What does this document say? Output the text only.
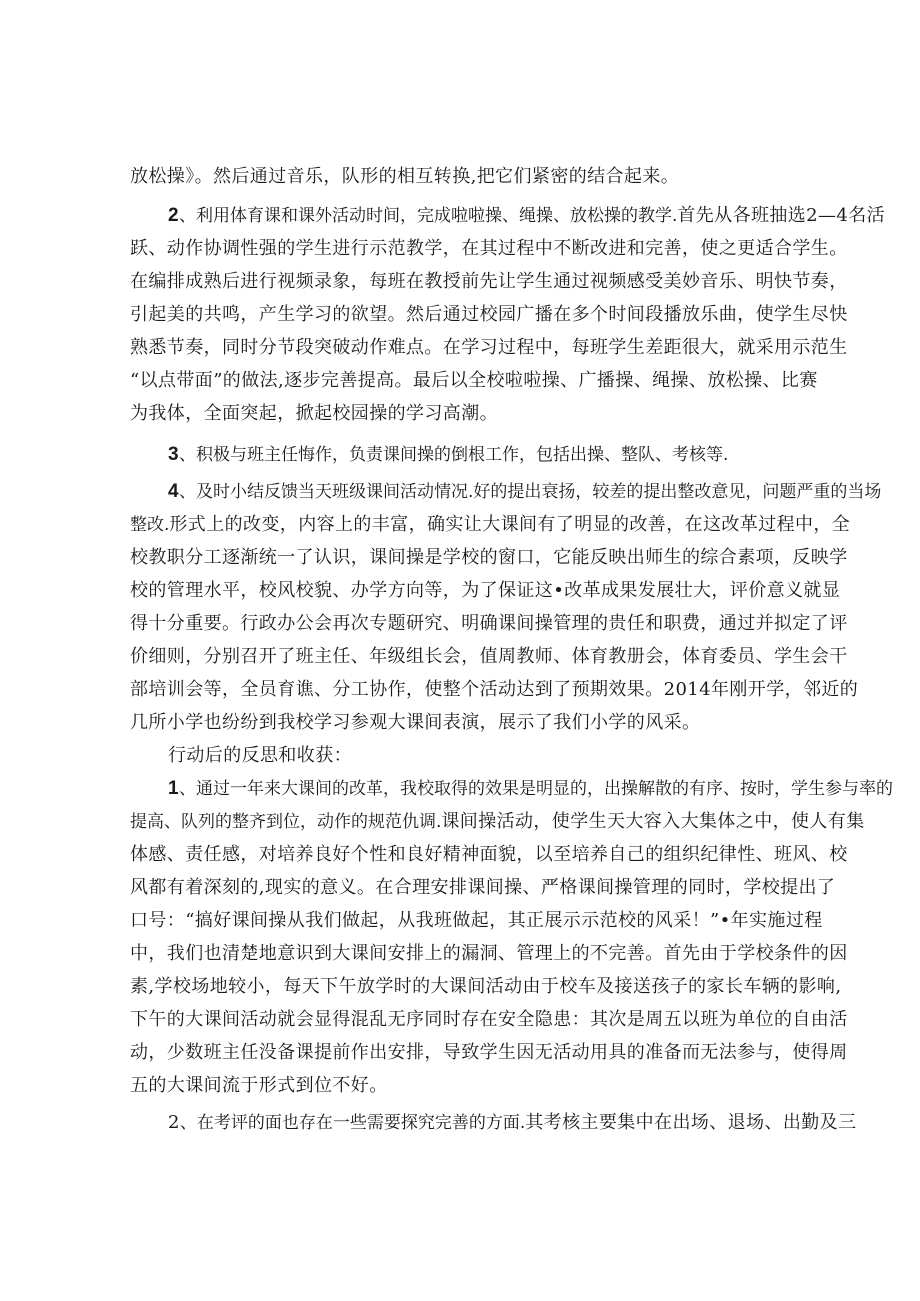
放松操》。然后通过音乐，队形的相互转换,把它们紧密的结合起来。
2、利用体育课和课外活动时间，完成啦啦操、绳操、放松操的教学.首先从各班抽选2—4名活
跃、动作协调性强的学生进行示范教学，在其过程中不断改进和完善，使之更适合学生。
在编排成熟后进行视频录象，每班在教授前先让学生通过视频感受美妙音乐、明快节奏，
引起美的共鸣，产生学习的欲望。然后通过校园广播在多个时间段播放乐曲，使学生尽快
熟悉节奏，同时分节段突破动作难点。在学习过程中，每班学生差距很大，就采用示范生
“以点带面”的做法,逐步完善提高。最后以全校啦啦操、广播操、绳操、放松操、比赛
为我体，全面突起，掀起校园操的学习高潮。
3、积极与班主任悔作，负责课间操的倒根工作，包括出操、整队、考核等.
4、及时小结反馈当天班级课间活动情况.好的提出衰扬，较差的提出整改意见，问题严重的当场
整改.形式上的改变，内容上的丰富，确实让大课间有了明显的改善，在这改革过程中，全
校教职分工逐渐统一了认识，课间操是学校的窗口，它能反映出师生的综合素项，反映学
校的管理水平，校风校貌、办学方向等，为了保证这•改革成果发展壮大，评价意义就显
得十分重要。行政办公会再次专题研究、明确课间操管理的贵任和职费，通过并拟定了评
价细则，分别召开了班主任、年级组长会，值周教师、体育教册会，体育委员、学生会干
部培训会等，全员育谯、分工协作，使整个活动达到了预期效果。2014年刚开学，邻近的
几所小学也纷纷到我校学习参观大课间表演，展示了我们小学的风采。
行动后的反思和收获：
1、通过一年来大课间的改革，我校取得的效果是明显的，出操解散的有序、按时，学生参与率的
提高、队列的整齐到位，动作的规范仇调.课间操活动，使学生天大容入大集体之中，使人有集
体感、责任感，对培养良好个性和良好精神面貌，以至培养自己的组织纪律性、班风、校
风都有着深刻的,现实的意义。在合理安排课间操、严格课间操管理的同时，学校提出了
口号：“搞好课间操从我们做起，从我班做起，其正展示示范校的风采！”•年实施过程
中，我们也清楚地意识到大课间安排上的漏洞、管理上的不完善。首先由于学校条件的因
素,学校场地较小，每天下午放学时的大课间活动由于校车及接送孩子的家长车辆的影响,
下午的大课间活动就会显得混乱无序同时存在安全隐患：其次是周五以班为单位的自由活
动，少数班主任没备课提前作出安排，导致学生因无活动用具的准备而无法参与，使得周
五的大课间流于形式到位不好。
2、在考评的面也存在一些需要探究完善的方面.其考核主要集中在出场、退场、出勤及三
